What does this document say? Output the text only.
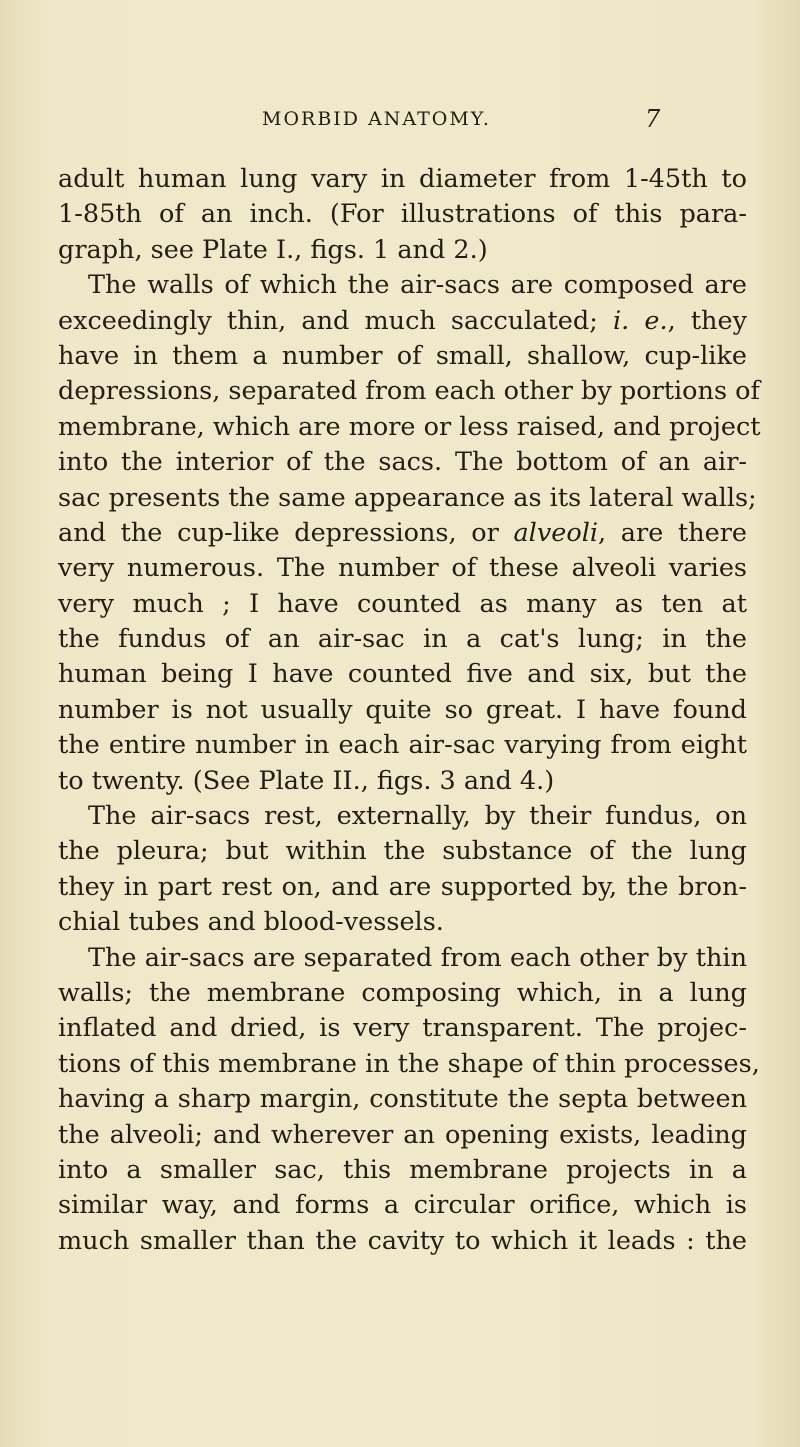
MORBID ANATOMY.	7
adult human lung vary in diameter from 1-45th to
1-85th of an inch. (For illustrations of this para-
graph, see Plate I., figs. 1 and 2.)
The walls of which the air-sacs are composed are
exceedingly thin, and much sacculated; i. e., they
have in them a number of small, shallow, cup-like
depressions, separated from each other by portions of
membrane, which are more or less raised, and project
into the interior of the sacs. The bottom of an air-
sac presents the same appearance as its lateral walls;
and the cup-like depressions, or alveoli, are there
very numerous. The number of these alveoli varies
very much ; I have counted as many as ten at
the fundus of an air-sac in a cat's lung; in the
human being I have counted five and six, but the
number is not usually quite so great. I have found
the entire number in each air-sac varying from eight
to twenty. (See Plate II., figs. 3 and 4.)
The air-sacs rest, externally, by their fundus, on
the pleura; but within the substance of the lung
they in part rest on, and are supported by, the bron-
chial tubes and blood-vessels.
The air-sacs are separated from each other by thin
walls; the membrane composing which, in a lung
inflated and dried, is very transparent. The projec-
tions of this membrane in the shape of thin processes,
having a sharp margin, constitute the septa between
the alveoli; and wherever an opening exists, leading
into a smaller sac, this membrane projects in a
similar way, and forms a circular orifice, which is
much smaller than the cavity to which it leads : the
